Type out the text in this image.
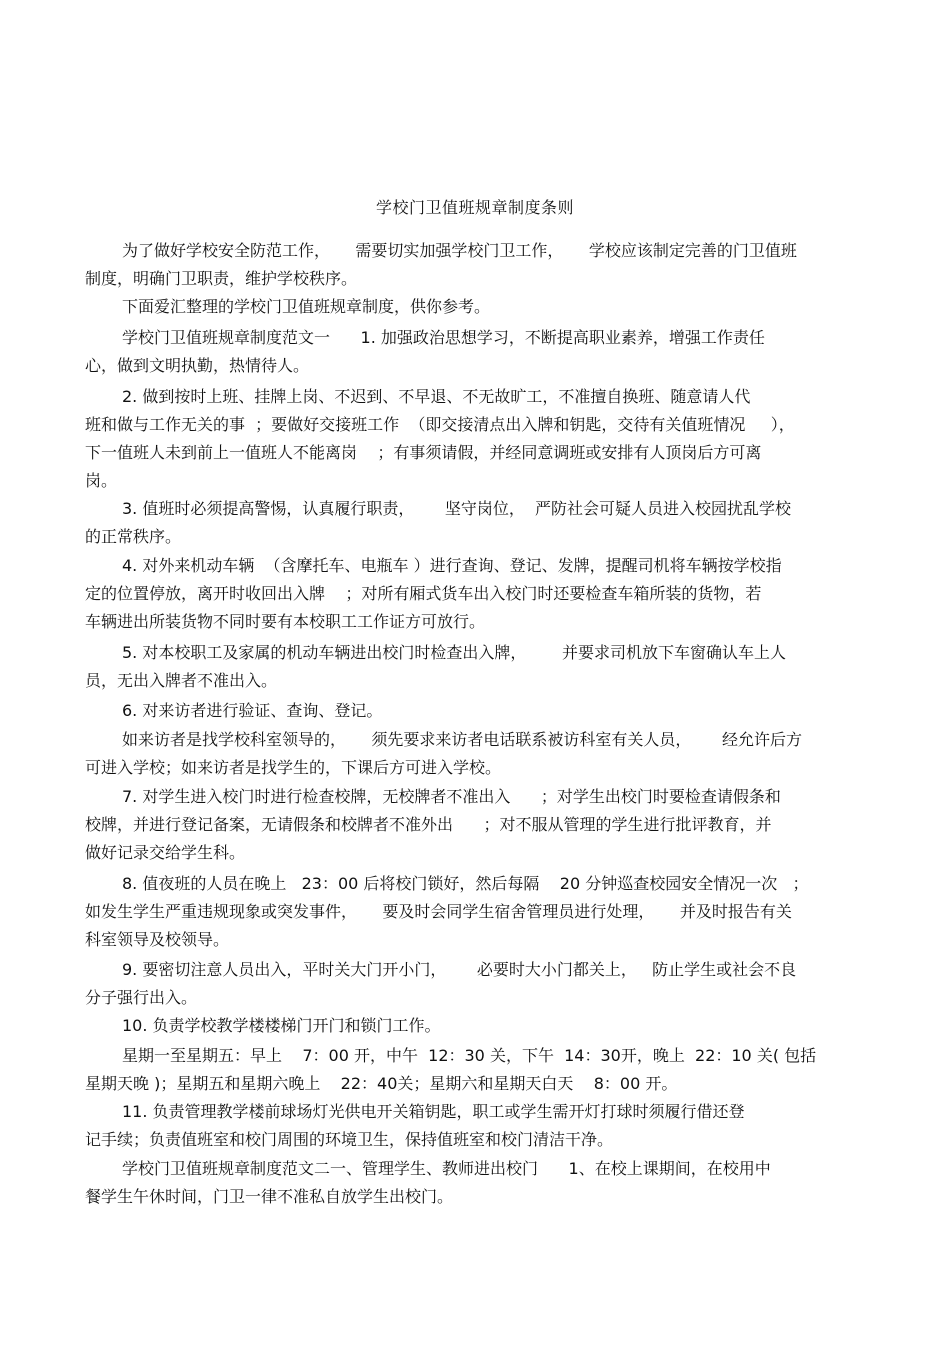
学校门卫值班规章制度条则
为了做好学校安全防范工作，     需要切实加强学校门卫工作，     学校应该制定完善的门卫值班
制度，明确门卫职责，维护学校秩序。
下面爱汇整理的学校门卫值班规章制度，供你参考。
学校门卫值班规章制度范文一      1. 加强政治思想学习，不断提高职业素养，增强工作责任
心，做到文明执勤，热情待人。
2. 做到按时上班、挂牌上岗、不迟到、不早退、不无故旷工，不准擅自换班、随意请人代
班和做与工作无关的事  ；要做好交接班工作  （即交接清点出入牌和钥匙，交待有关值班情况     ），
下一值班人未到前上一值班人不能离岗    ；有事须请假，并经同意调班或安排有人顶岗后方可离
岗。
3. 值班时必须提高警惕，认真履行职责，      坚守岗位，  严防社会可疑人员进入校园扰乱学校
的正常秩序。
4. 对外来机动车辆  （含摩托车、电瓶车 ）进行查询、登记、发牌，提醒司机将车辆按学校指
定的位置停放，离开时收回出入牌    ；对所有厢式货车出入校门时还要检查车箱所装的货物，若
车辆进出所装货物不同时要有本校职工工作证方可放行。
5. 对本校职工及家属的机动车辆进出校门时检查出入牌，       并要求司机放下车窗确认车上人
员，无出入牌者不准出入。
6. 对来访者进行验证、查询、登记。
如来访者是找学校科室领导的，     须先要求来访者电话联系被访科室有关人员，      经允许后方
可进入学校；如来访者是找学生的，下课后方可进入学校。
7. 对学生进入校门时进行检查校牌，无校牌者不准出入      ；对学生出校门时要检查请假条和
校牌，并进行登记备案，无请假条和校牌者不准外出      ；对不服从管理的学生进行批评教育，并
做好记录交给学生科。
8. 值夜班的人员在晚上   23：00 后将校门锁好，然后每隔    20 分钟巡查校园安全情况一次   ；
如发生学生严重违规现象或突发事件，     要及时会同学生宿舍管理员进行处理，     并及时报告有关
科室领导及校领导。
9. 要密切注意人员出入，平时关大门开小门，      必要时大小门都关上，   防止学生或社会不良
分子强行出入。
10. 负责学校教学楼楼梯门开门和锁门工作。
星期一至星期五：早上    7：00 开，中午  12：30 关，下午  14：30开，晚上  22：10 关( 包括
星期天晚 )；星期五和星期六晚上    22：40关；星期六和星期天白天    8：00 开。
11. 负责管理教学楼前球场灯光供电开关箱钥匙，职工或学生需开灯打球时须履行借还登
记手续；负责值班室和校门周围的环境卫生，保持值班室和校门清洁干净。
学校门卫值班规章制度范文二一、管理学生、教师进出校门      1、在校上课期间，在校用中
餐学生午休时间，门卫一律不准私自放学生出校门。
